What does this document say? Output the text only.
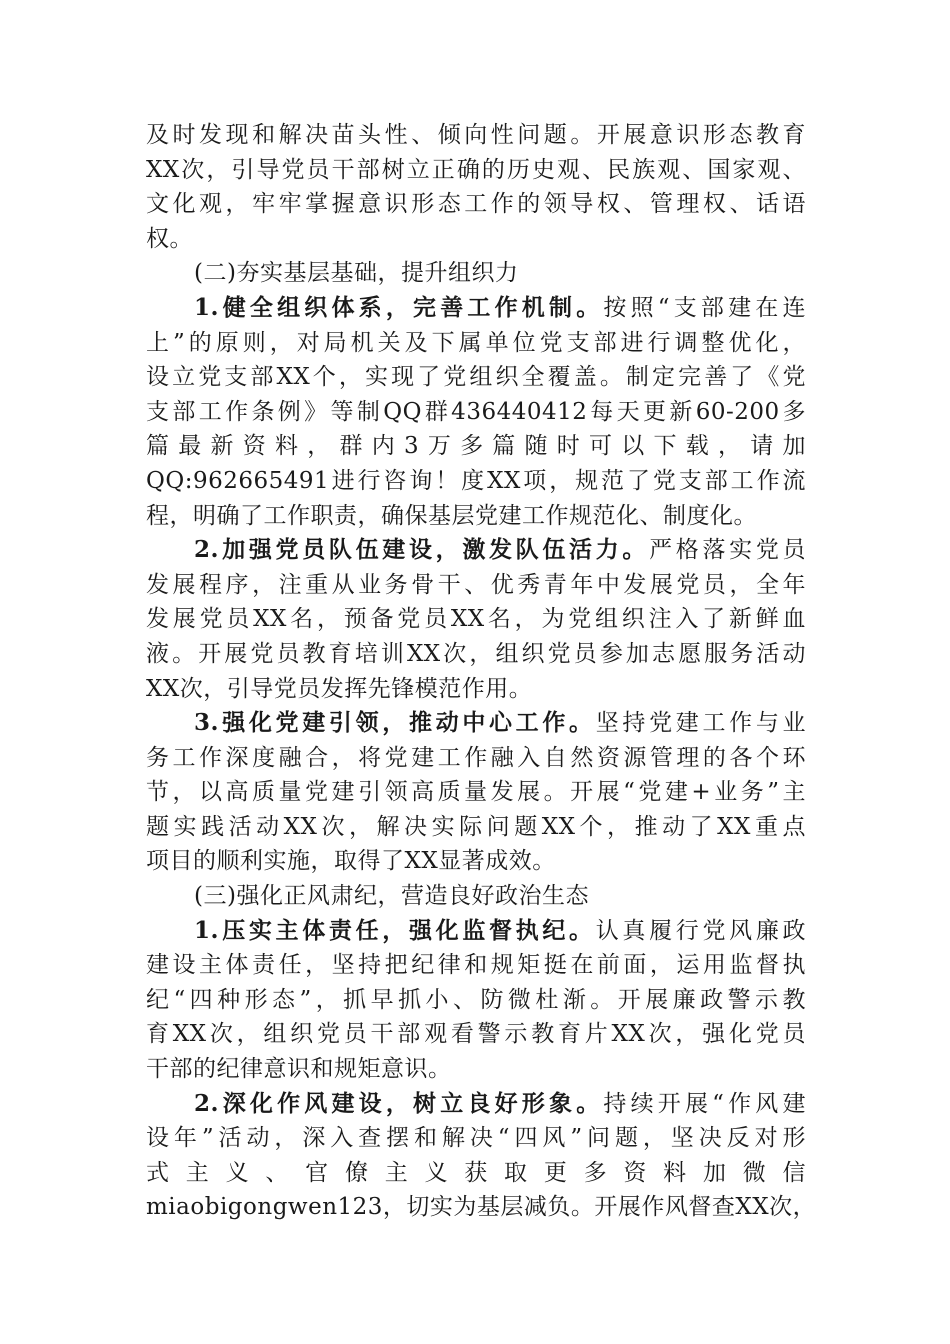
及时发现和解决苗头性、倾向性问题。开展意识形态教育
XX次，引导党员干部树立正确的历史观、民族观、国家观、
文化观，牢牢掌握意识形态工作的领导权、管理权、话语
权。
(二)夯实基层基础，提升组织力
1.健全组织体系，完善工作机制。按照“支部建在连
上”的原则，对局机关及下属单位党支部进行调整优化，
设立党支部XX个，实现了党组织全覆盖。制定完善了《党
支部工作条例》等制QQ群436440412每天更新60-200多
篇最新资料，群内3万多篇随时可以下载，请加
QQ:962665491进行咨询！度XX项，规范了党支部工作流
程，明确了工作职责，确保基层党建工作规范化、制度化。
2.加强党员队伍建设，激发队伍活力。严格落实党员
发展程序，注重从业务骨干、优秀青年中发展党员，全年
发展党员XX名，预备党员XX名，为党组织注入了新鲜血
液。开展党员教育培训XX次，组织党员参加志愿服务活动
XX次，引导党员发挥先锋模范作用。
3.强化党建引领，推动中心工作。坚持党建工作与业
务工作深度融合，将党建工作融入自然资源管理的各个环
节，以高质量党建引领高质量发展。开展“党建+业务”主
题实践活动XX次，解决实际问题XX个，推动了XX重点
项目的顺利实施，取得了XX显著成效。
(三)强化正风肃纪，营造良好政治生态
1.压实主体责任，强化监督执纪。认真履行党风廉政
建设主体责任，坚持把纪律和规矩挺在前面，运用监督执
纪“四种形态”，抓早抓小、防微杜渐。开展廉政警示教
育XX次，组织党员干部观看警示教育片XX次，强化党员
干部的纪律意识和规矩意识。
2.深化作风建设，树立良好形象。持续开展“作风建
设年”活动，深入查摆和解决“四风”问题，坚决反对形
式主义、官僚主义获取更多资料加微信
miaobigongwen123，切实为基层减负。开展作风督查XX次，
